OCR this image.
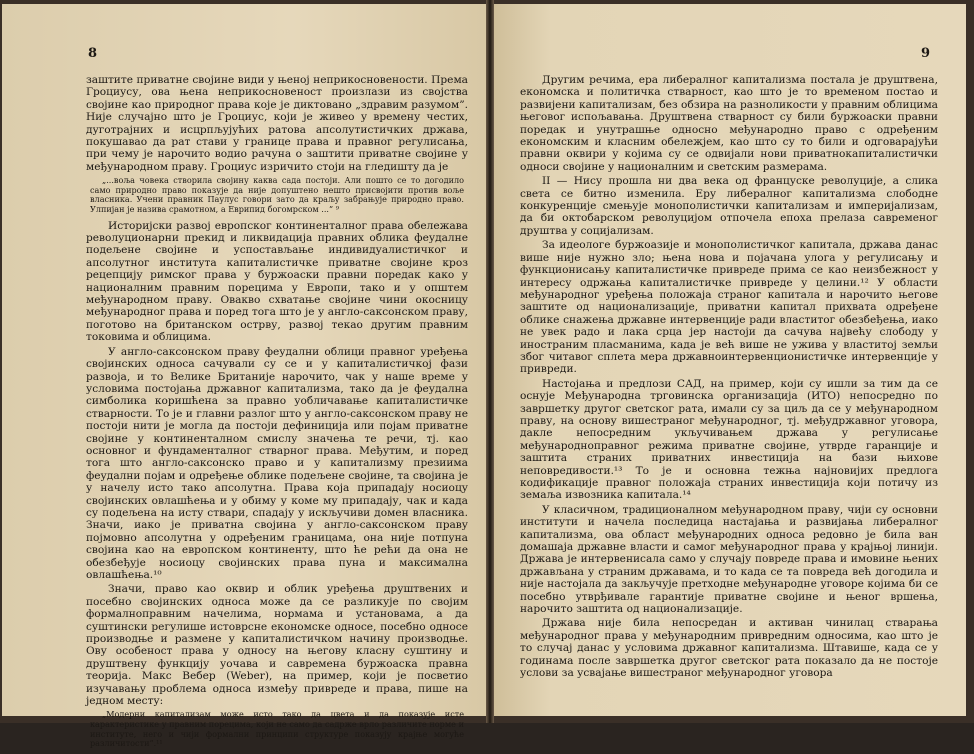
8

заштите приватне својине види у њеној неприкосновености. Према Гроциусу, ова њена неприкосновеност произлази из својства својине као природног права које је диктовано „здравим разумом”. Није случајно што је Гроциус, који је живео у времену честих, дуготрајних и исцрпљујућих ратова апсолутистичких држава, покушавао да рат стави у границе права и правног регулисања, при чему је нарочито водио рачуна о заштити приватне својине у међународном праву. Гроциус изричито стоји на гледишту да је

„...воља човека створила својину каква сада постоји. Али пошто се то догодило само природно право показује да није допуштено нешто присвојити против воље власника. Учени правник Паулус говори зато да краљу забрањује природно право. Улпијан је назива срамотном, а Еврипид богомрском ...” ⁹

Историјски развој европског континенталног права обележава револуционарни прекид и ликвидација правних облика феудалне подељене својине и успостављање индивидуалистичког и апсолутног института капиталистичке приватне својине кроз рецепцију римског права у буржоаски правни поредак како у националним правним порецима у Европи, тако и у општем међународном праву. Овакво схватање својине чини окосницу међународног права и поред тога што је у англо-саксонском праву, поготово на британском острву, развој текао другим правним токовима и облицима.

У англо-саксонском праву феудални облици правног уређења својинских односа сачували су се и у капиталистичкој фази развоја, и то Велике Британије нарочито, чак у наше време у условима постојања државног капитализма, тако да је феудална симболика коришћена за правно уобличавање капиталистичке стварности. То је и главни разлог што у англо-саксонском праву не постоји нити је могла да постоји дефиниција или појам приватне својине у континенталном смислу значења те речи, тј. као основног и фундаменталног стварног права. Међутим, и поред тога што англо-саксонско право и у капитализму презиима феудални појам и одређење облике подељене својине, та својина је у начелу исто тако апсолутна. Права која припадају носиоцу својинских овлашћења и у обиму у коме му припадају, чак и када су подељена на исту ствари, спадају у искључиви домен власника. Значи, иако је приватна својина у англо-саксонском праву појмовно апсолутна у одређеним границама, она није потпуна својина као на европском континенту, што ће рећи да она не обезбеђује носиоцу својинских права пуна и максимална овлашћења.¹⁰

Значи, право као оквир и облик уређења друштвених и посебно својинских односа може да се разликује по својим формалноправним начелима, нормама и установама, а да суштински регулише истоврсне економске односе, посебно односе производње и размене у капиталистичком начину производње. Ову особеност права у односу на његову класну суштину и друштвену функцију уочава и савремена буржоаска правна теорија. Макс Вебер (Weber), на пример, који је посветио изучавању проблема односа између привреде и права, пише на једном месту:

„Модерни капитализам може исто тако да цвета и да показује исте карактеристике у правним порецима, који не само да садрже врло различите норме и институте, него и чији формални принципи структуре показују крајње могуће различитости”.¹¹
9

Другим речима, ера либералног капитализма постала је друштвена, економска и политичка стварност, као што је то временом постао и развијени капитализам, без обзира на разноликости у правним облицима његовог испољавања. Друштвена стварност су били буржоаски правни поредак и унутрашње односно међународно право с одређеним економским и класним обележјем, као што су то били и одговарајући правни оквири у којима су се одвијали нови приватнокапиталистички односи својине у националним и светским размерама.

II — Нису прошла ни два века од француске револуције, а слика света се битно изменила. Еру либералног капитализма слободне конкуренције смењује монополистички капитализам и империјализам, да би октобарском револуцијом отпочела епоха прелаза савременог друштва у социјализам.

За идеологе буржоазије и монополистичког капитала, држава данас више није нужно зло; њена нова и појачана улога у регулисању и функционисању капиталистичке привреде прима се као неизбежност у интересу одржања капиталистичке привреде у целини.¹² У области међународног уређења положаја страног капитала и нарочито његове заштите од национализације, приватни капитал прихвата одређене облике снажења државне интервенције ради властитог обезбеђења, иако не увек радо и лака срца јер настоји да сачува највећу слободу у иностраним пласманима, када је већ више не ужива у властитој земљи због читавог сплета мера државноинтервенционистичке интервенције у привреди.

Настојања и предлози САД, на пример, који су ишли за тим да се оснује Међународна трговинска организација (ИТО) непосредно по завршетку другог светског рата, имали су за циљ да се у међународном праву, на основу вишестраног међународног, тј. међудржавног уговора, дакле непосредним укључивањем држава у регулисање међународноправног режима приватне својине, утврде гаранције и заштита страних приватних инвестиција на бази њихове неповредивости.¹³ То је и основна тежња најновијих предлога кодификације правног положаја страних инвестиција који потичу из земаља извозника капитала.¹⁴

У класичном, традиционалном међународном праву, чији су основни институти и начела последица настајања и развијања либералног капитализма, ова област међународних односа редовно је била ван домашаја државне власти и самог међународног права у крајњој линији. Држава је интервенисала само у случају повреде права и имовине њених држављана у страним државама, и то када се та повреда већ догодила и није настојала да закључује претходне међународне уговоре којима би се посебно утврђивале гарантије приватне својине и њеног вршења, нарочито заштита од национализације.

Држава није била непосредан и активан чинилац стварања међународног права у међународним привредним односима, као што је то случај данас у условима државног капитализма. Штавише, када се у годинама после завршетка другог светског рата показало да не постоје услови за усвајање вишестраног међународног уговора
